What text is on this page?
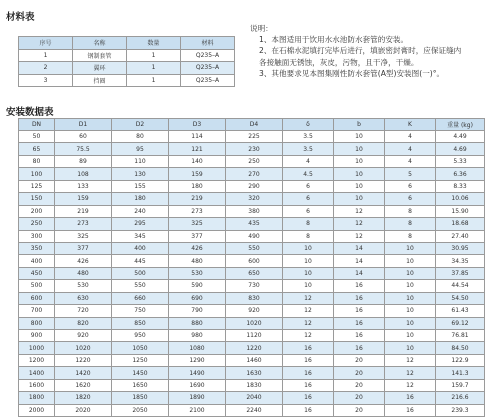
材料表
序号	名称	数量	材料
1	钢制套管	1	Q235–A
2	翼环	1	Q235–A
3	挡圈	1	Q235–A
说明：
1、本图适用于饮用水水池防水套管的安装。
2、在石棉水泥填打完毕后进行，填嵌密封膏时，应保证缝内
各接触面无锈蚀，灰皮，污物，且干净，干燥。
3、其他要求见本图集刚性防水套管(A型)安装图(一)°。
安装数据表
DN	D1	D2	D3	D4	δ	b	K	重量 (kg)
50	60	80	114	225	3.5	10	4	4.49
65	75.5	95	121	230	3.5	10	4	4.69
80	89	110	140	250	4	10	4	5.33
100	108	130	159	270	4.5	10	5	6.36
125	133	155	180	290	6	10	6	8.33
150	159	180	219	320	6	10	6	10.06
200	219	240	273	380	6	12	8	15.90
250	273	295	325	435	8	12	8	18.68
300	325	345	377	490	8	12	8	27.40
350	377	400	426	550	10	14	10	30.95
400	426	445	480	600	10	14	10	34.35
450	480	500	530	650	10	14	10	37.85
500	530	550	590	730	10	16	10	44.54
600	630	660	690	830	12	16	10	54.50
700	720	750	790	920	12	16	10	61.43
800	820	850	880	1020	12	16	10	69.12
900	920	950	980	1120	12	16	10	76.81
1000	1020	1050	1080	1220	16	16	10	84.50
1200	1220	1250	1290	1460	16	20	12	122.9
1400	1420	1450	1490	1630	16	20	12	141.3
1600	1620	1650	1690	1830	16	20	12	159.7
1800	1820	1850	1890	2040	16	20	16	216.6
2000	2020	2050	2100	2240	16	20	16	239.3
